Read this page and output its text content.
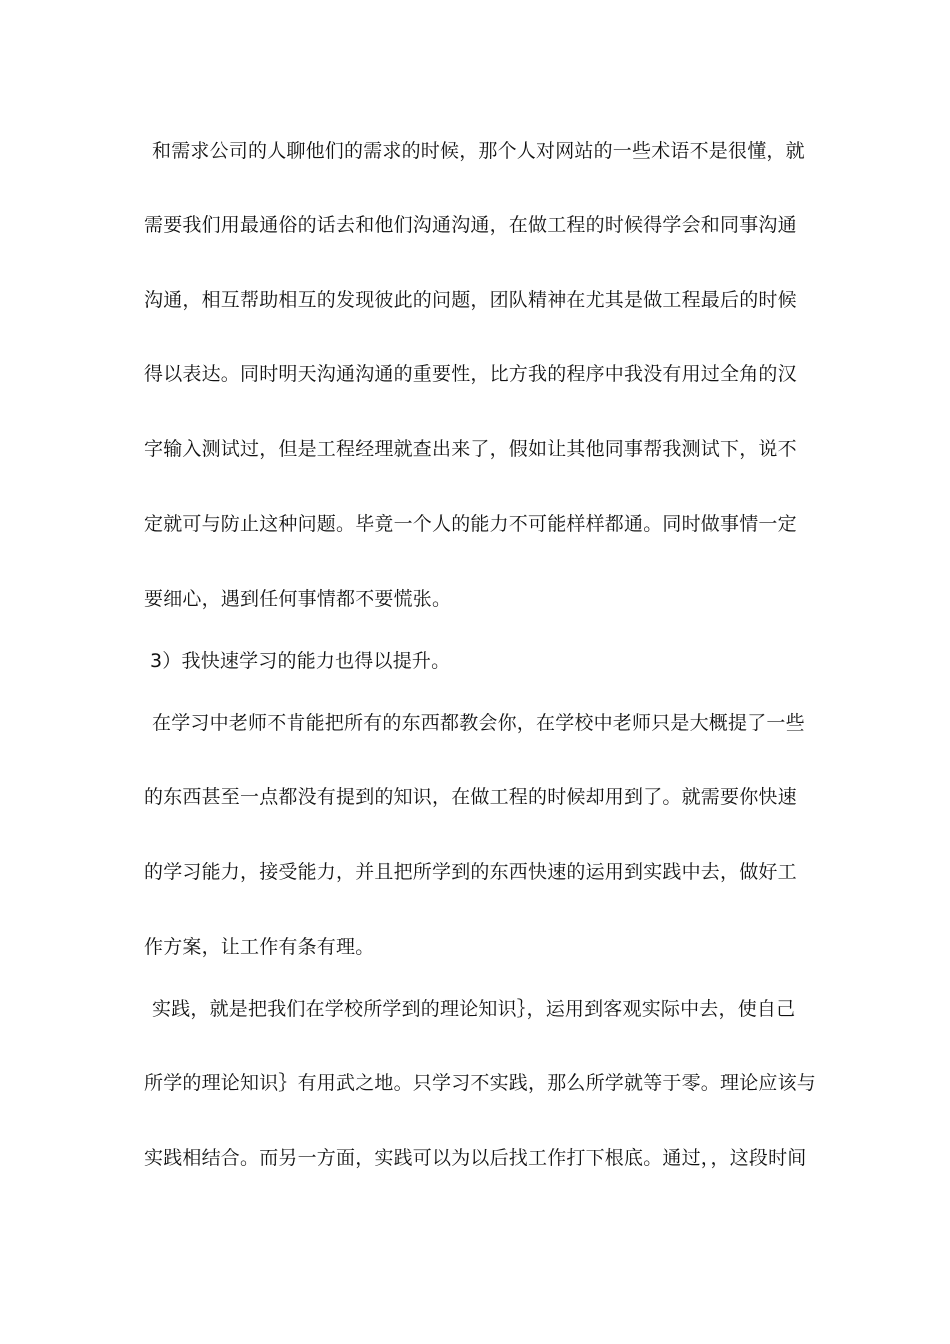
和需求公司的人聊他们的需求的时候，那个人对网站的一些术语不是很懂，就
需要我们用最通俗的话去和他们沟通沟通，在做工程的时候得学会和同事沟通
沟通，相互帮助相互的发现彼此的问题，团队精神在尤其是做工程最后的时候
得以表达。同时明天沟通沟通的重要性，比方我的程序中我没有用过全角的汉
字输入测试过，但是工程经理就查出来了，假如让其他同事帮我测试下，说不
定就可与防止这种问题。毕竟一个人的能力不可能样样都通。同时做事情一定
要细心，遇到任何事情都不要慌张。
3）我快速学习的能力也得以提升。
在学习中老师不肯能把所有的东西都教会你，在学校中老师只是大概提了一些
的东西甚至一点都没有提到的知识，在做工程的时候却用到了。就需要你快速
的学习能力，接受能力，并且把所学到的东西快速的运用到实践中去，做好工
作方案，让工作有条有理。
实践，就是把我们在学校所学到的理论知识｝，运用到客观实际中去，使自己
所学的理论知识｝有用武之地。只学习不实践，那么所学就等于零。理论应该与
实践相结合。而另一方面，实践可以为以后找工作打下根底。通过，，这段时间
